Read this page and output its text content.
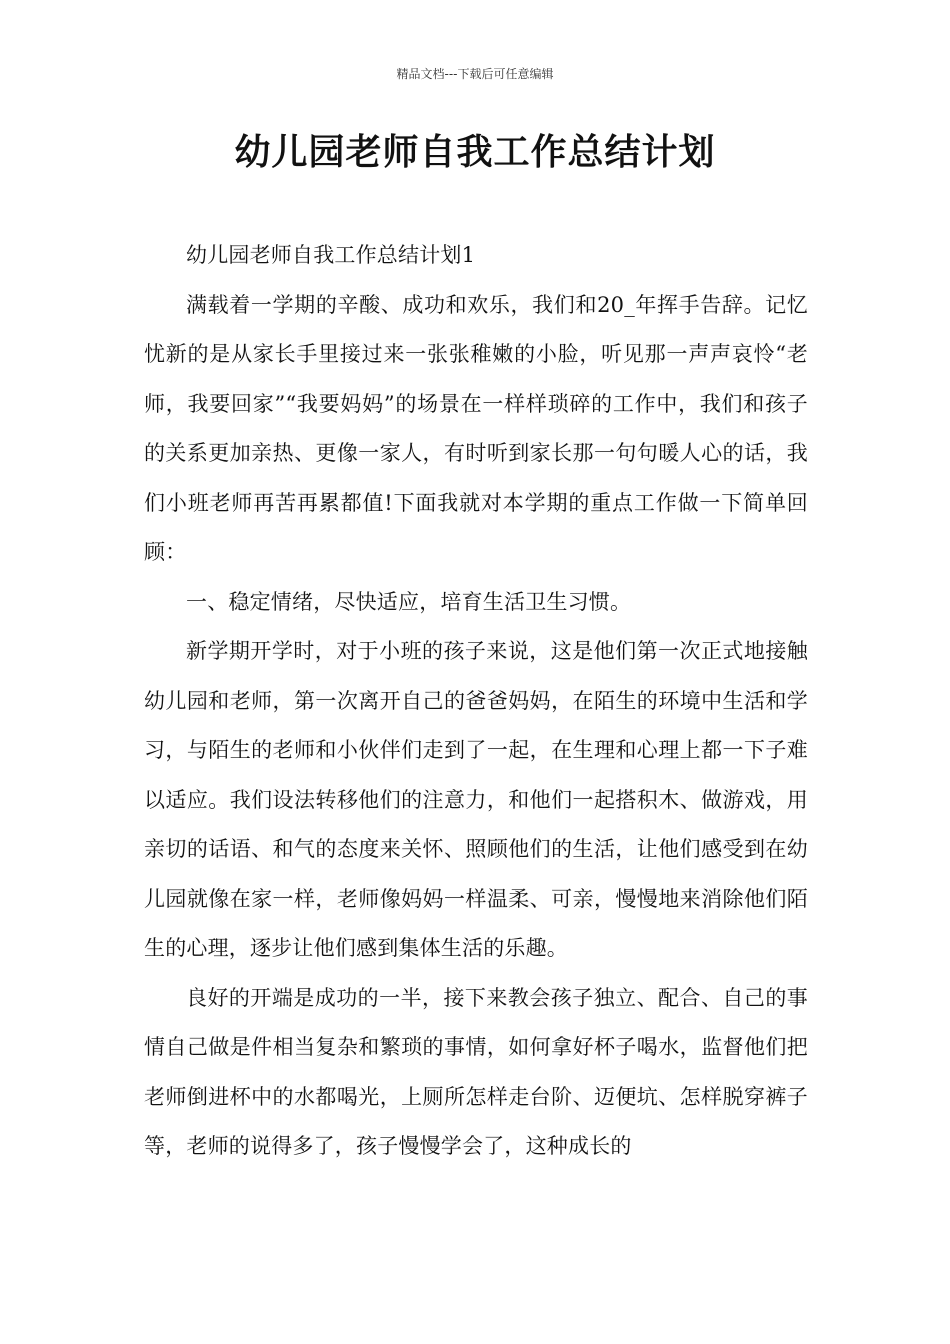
精品文档---下载后可任意编辑
幼儿园老师自我工作总结计划

幼儿园老师自我工作总结计划1

满载着一学期的辛酸、成功和欢乐，我们和20_年挥手告辞。记忆忧新的是从家长手里接过来一张张稚嫩的小脸，听见那一声声哀怜“老师，我要回家”“我要妈妈”的场景在一样样琐碎的工作中，我们和孩子的关系更加亲热、更像一家人，有时听到家长那一句句暖人心的话，我们小班老师再苦再累都值!下面我就对本学期的重点工作做一下简单回顾：

一、稳定情绪，尽快适应，培育生活卫生习惯。

新学期开学时，对于小班的孩子来说，这是他们第一次正式地接触幼儿园和老师，第一次离开自己的爸爸妈妈，在陌生的环境中生活和学习，与陌生的老师和小伙伴们走到了一起，在生理和心理上都一下子难以适应。我们设法转移他们的注意力，和他们一起搭积木、做游戏，用亲切的话语、和气的态度来关怀、照顾他们的生活，让他们感受到在幼儿园就像在家一样，老师像妈妈一样温柔、可亲，慢慢地来消除他们陌生的心理，逐步让他们感到集体生活的乐趣。

良好的开端是成功的一半，接下来教会孩子独立、配合、自己的事情自己做是件相当复杂和繁琐的事情，如何拿好杯子喝水，监督他们把老师倒进杯中的水都喝光，上厕所怎样走台阶、迈便坑、怎样脱穿裤子等，老师的说得多了，孩子慢慢学会了，这种成长的
